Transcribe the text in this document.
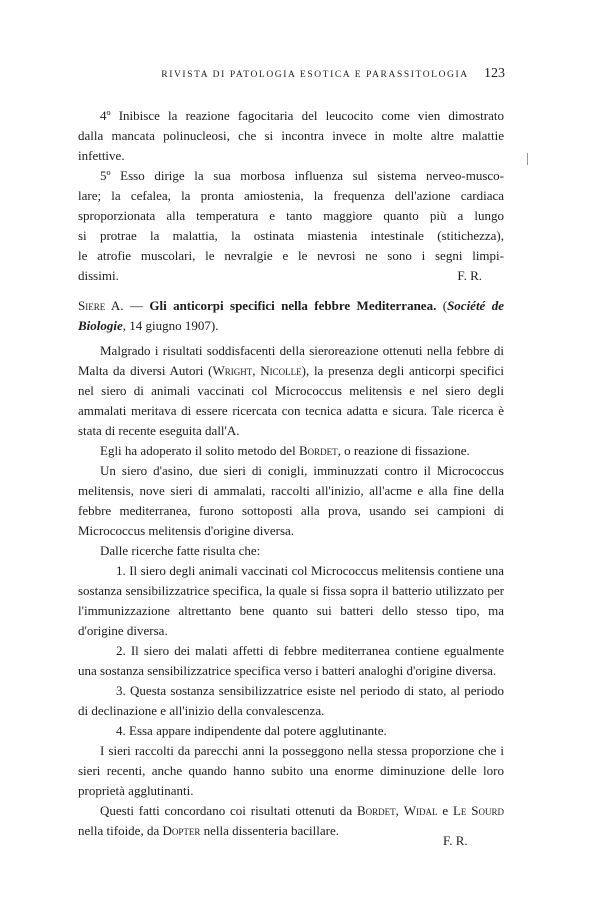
RIVISTA DI PATOLOGIA ESOTICA E PARASSITOLOGIA	123

4º Inibisce la reazione fagocitaria del leucocito come vien dimostrato

dalla mancata polinucleosi, che si incontra invece in molte altre malattie

infettive.

5º Esso dirige la sua morbosa influenza sul sistema nerveo-musco-

lare; la cefalea, la pronta amiostenia, la frequenza dell'azione cardiaca

sproporzionata alla temperatura e tanto maggiore quanto più a lungo

si protrae la malattia, la ostinata miastenia intestinale (stitichezza),

le atrofie muscolari, le nevralgie e le nevrosi ne sono i segni limpi-

dissimi.	F. R.

Siere A. — Gli anticorpi specifici nella febbre Mediterranea. (Société de Biologie, 14 giugno 1907).

Malgrado i risultati soddisfacenti della sieroreazione ottenuti nella febbre di Malta da diversi Autori (Wright, Nicolle), la presenza degli anticorpi specifici nel siero di animali vaccinati col Micrococcus melitensis e nel siero degli ammalati meritava di essere ricercata con tecnica adatta e sicura. Tale ricerca è stata di recente eseguita dall'A.

Egli ha adoperato il solito metodo del Bordet, o reazione di fissazione.

Un siero d'asino, due sieri di conigli, imminuzzati contro il Micrococcus melitensis, nove sieri di ammalati, raccolti all'inizio, all'acme e alla fine della febbre mediterranea, furono sottoposti alla prova, usando sei campioni di Micrococcus melitensis d'origine diversa.

Dalle ricerche fatte risulta che:

1. Il siero degli animali vaccinati col Micrococcus melitensis contiene una sostanza sensibilizzatrice specifica, la quale si fissa sopra il batterio utilizzato per l'immunizzazione altrettanto bene quanto sui batteri dello stesso tipo, ma d'origine diversa.

2. Il siero dei malati affetti di febbre mediterranea contiene egualmente una sostanza sensibilizzatrice specifica verso i batteri analoghi d'origine diversa.

3. Questa sostanza sensibilizzatrice esiste nel periodo di stato, al periodo di declinazione e all'inizio della convalescenza.

4. Essa appare indipendente dal potere agglutinante.

I sieri raccolti da parecchi anni la posseggono nella stessa proporzione che i sieri recenti, anche quando hanno subito una enorme diminuzione delle loro proprietà agglutinanti.

Questi fatti concordano coi risultati ottenuti da Bordet, Widal e Le Sourd nella tifoide, da Dopter nella dissenteria bacillare.

F. R.
